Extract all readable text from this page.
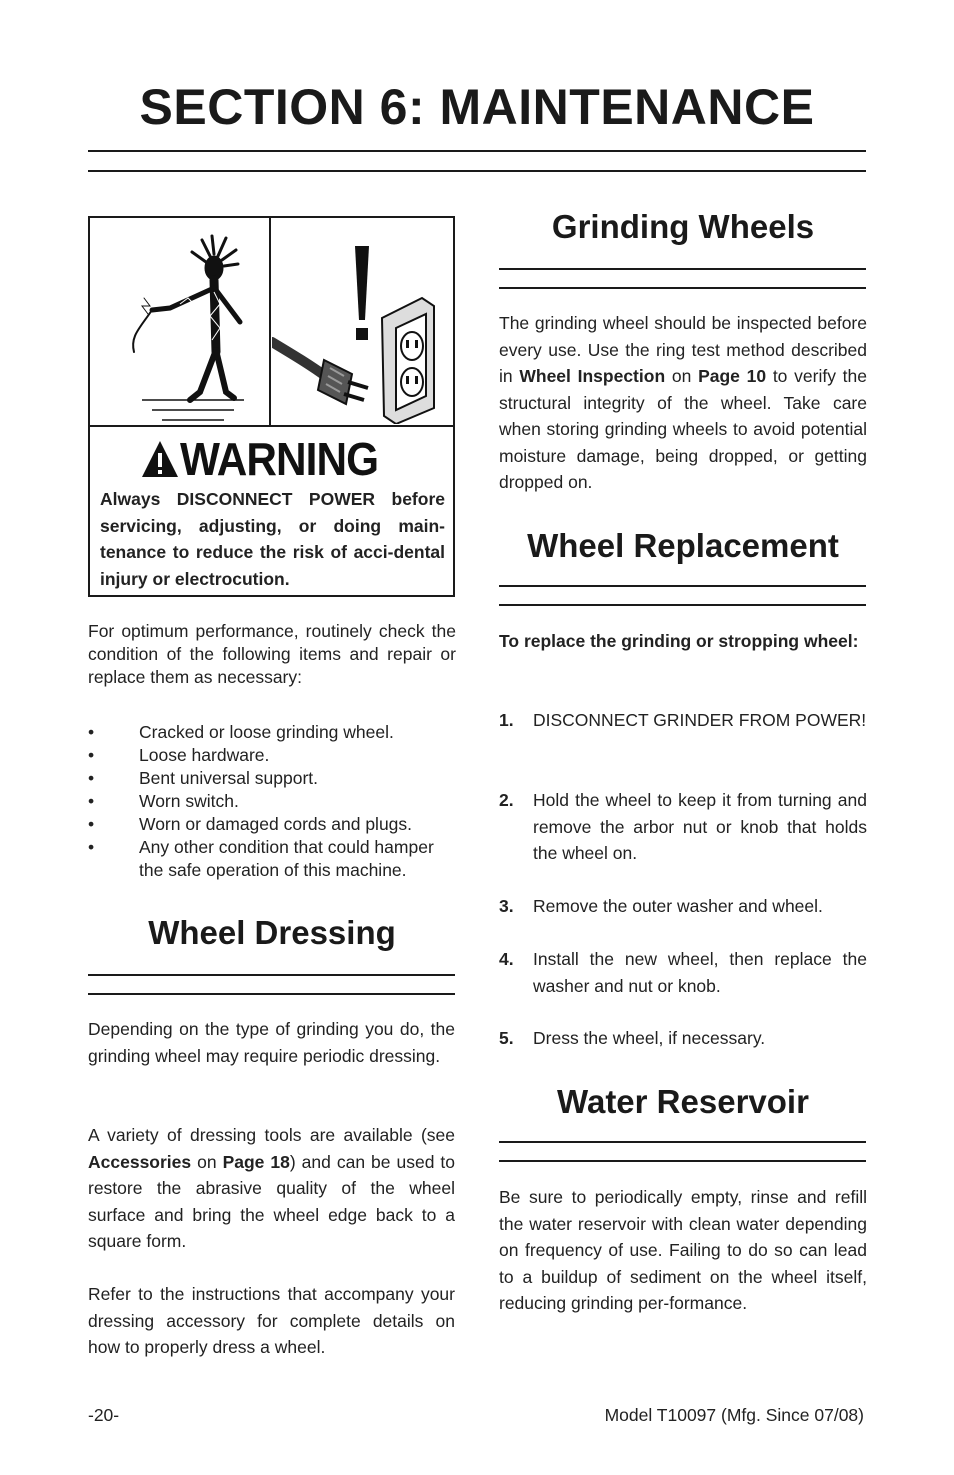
SECTION 6: MAINTENANCE
WARNING
Always DISCONNECT POWER before servicing, adjusting, or doing main-tenance to reduce the risk of acci-dental injury or electrocution.
For optimum performance, routinely check the condition of the following items and repair or replace them as necessary:
•	Cracked or loose grinding wheel.
•	Loose hardware.
•	Bent universal support.
•	Worn switch.
•	Worn or damaged cords and plugs.
•	Any other condition that could hamper the safe operation of this machine.
Wheel Dressing
Depending on the type of grinding you do, the grinding wheel may require periodic dressing.
A variety of dressing tools are available (see Accessories on Page 18) and can be used to restore the abrasive quality of the wheel surface and bring the wheel edge back to a square form.
Refer to the instructions that accompany your dressing accessory for complete details on how to properly dress a wheel.
Grinding Wheels
The grinding wheel should be inspected before every use. Use the ring test method described in Wheel Inspection on Page 10 to verify the structural integrity of the wheel. Take care when storing grinding wheels to avoid potential moisture damage, being dropped, or getting dropped on.
Wheel Replacement
To replace the grinding or stropping wheel:
1.	DISCONNECT GRINDER FROM POWER!
2.	Hold the wheel to keep it from turning and remove the arbor nut or knob that holds the wheel on.
3.	Remove the outer washer and wheel.
4.	Install the new wheel, then replace the washer and nut or knob.
5.	Dress the wheel, if necessary.
Water Reservoir
Be sure to periodically empty, rinse and refill the water reservoir with clean water depending on frequency of use. Failing to do so can lead to a buildup of sediment on the wheel itself, reducing grinding per-formance.
-20-	Model T10097 (Mfg. Since 07/08)
